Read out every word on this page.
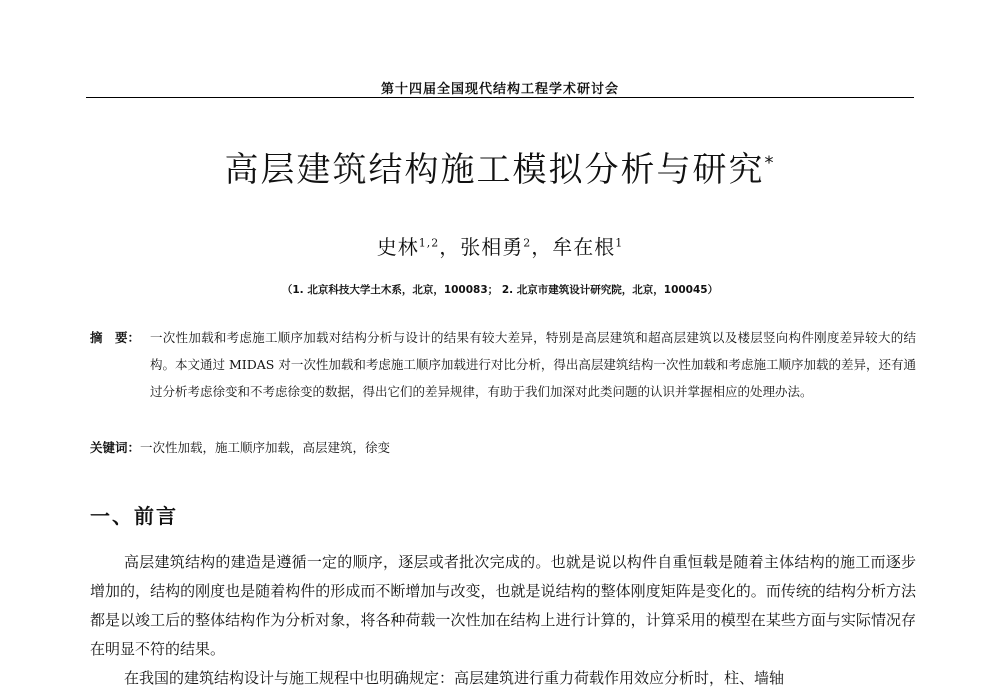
第十四届全国现代结构工程学术研讨会
高层建筑结构施工模拟分析与研究*
史林$^{1,2}$，张相勇$^2$，牟在根$^1$
（1. 北京科技大学土木系，北京，100083； 2. 北京市建筑设计研究院，北京，100045）
摘　要： 一次性加载和考虑施工顺序加载对结构分析与设计的结果有较大差异，特别是高层建筑和超高层建筑以及楼层竖向构件刚度差异较大的结构。本文通过 MIDAS 对一次性加载和考虑施工顺序加载进行对比分析，得出高层建筑结构一次性加载和考虑施工顺序加载的差异，还有通过分析考虑徐变和不考虑徐变的数据，得出它们的差异规律，有助于我们加深对此类问题的认识并掌握相应的处理办法。
关键词：一次性加载，施工顺序加载，高层建筑，徐变
一、前言

高层建筑结构的建造是遵循一定的顺序，逐层或者批次完成的。也就是说以构件自重恒载是随着主体结构的施工而逐步增加的，结构的刚度也是随着构件的形成而不断增加与改变，也就是说结构的整体刚度矩阵是变化的。而传统的结构分析方法都是以竣工后的整体结构作为分析对象，将各种荷载一次性加在结构上进行计算的，计算采用的模型在某些方面与实际情况存在明显不符的结果。

在我国的建筑结构设计与施工规程中也明确规定：高层建筑进行重力荷载作用效应分析时，柱、墙轴
